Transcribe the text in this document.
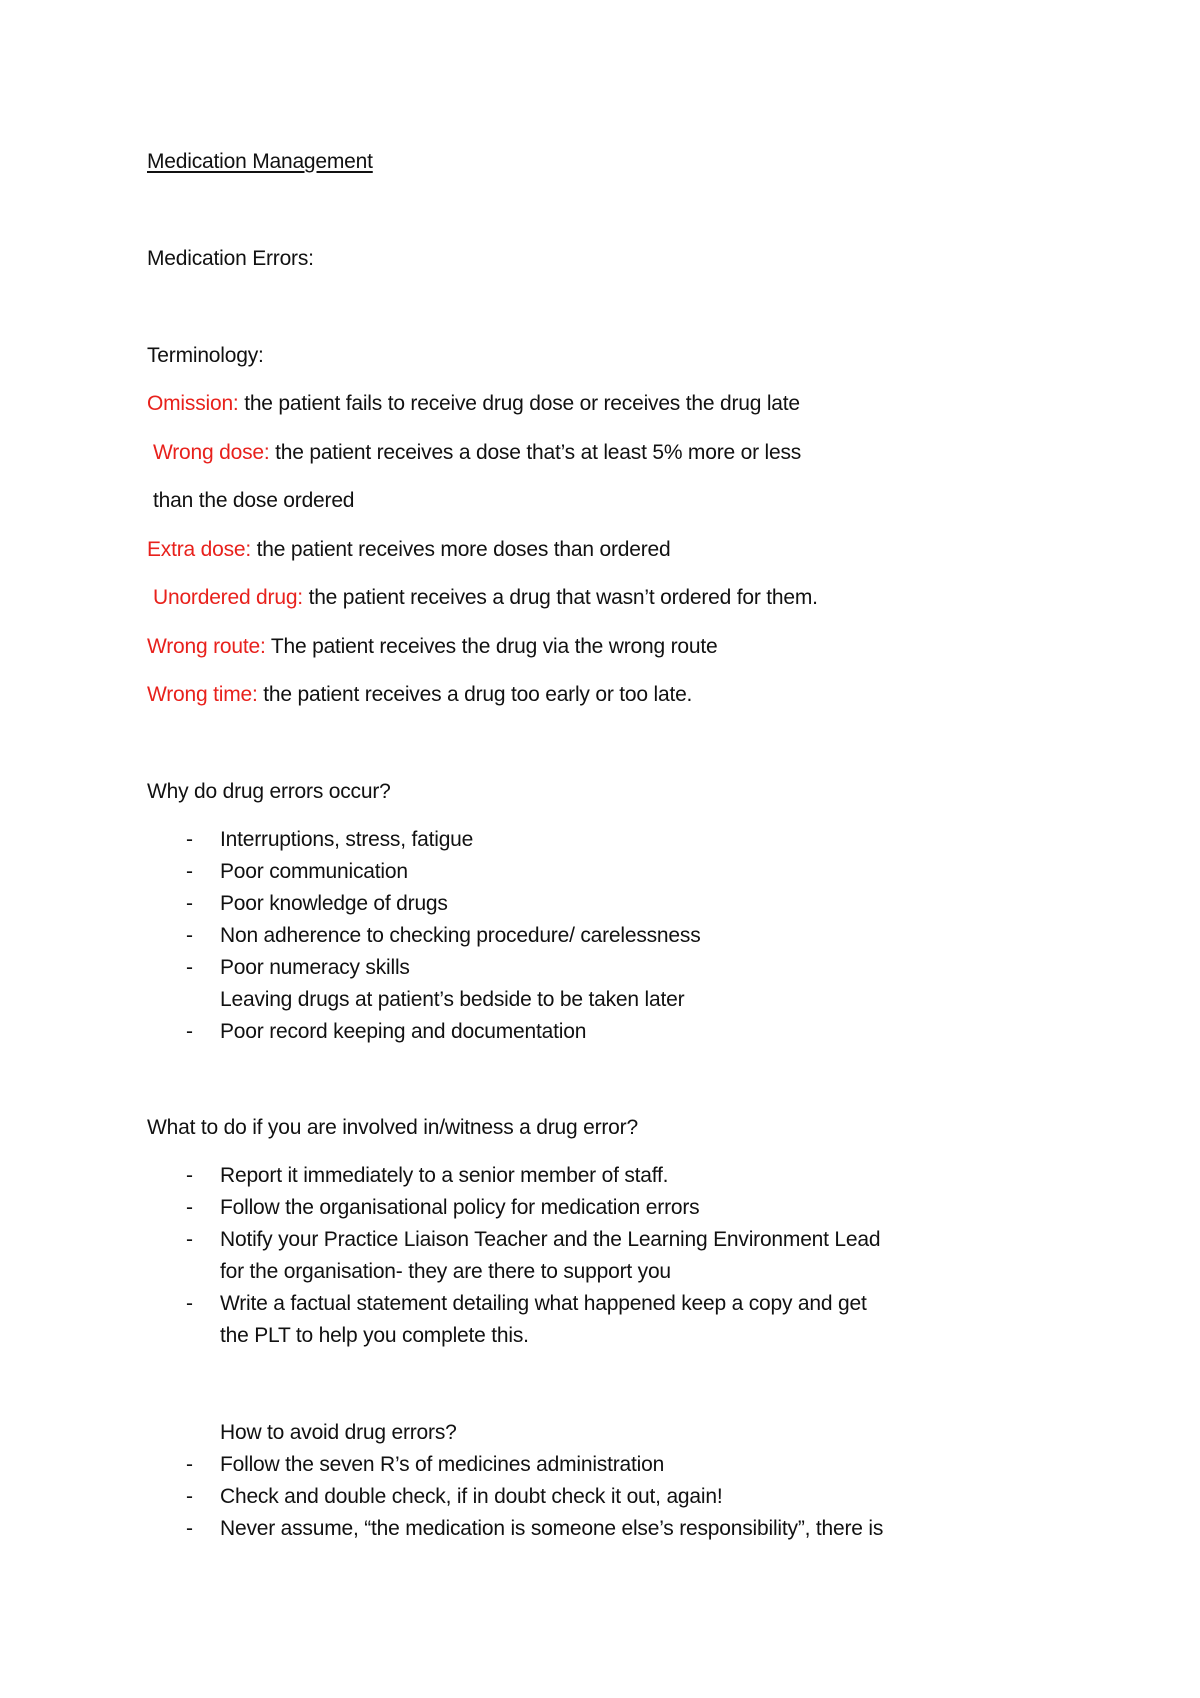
Medication Management
Medication Errors:
Terminology:
Omission: the patient fails to receive drug dose or receives the drug late
Wrong dose: the patient receives a dose that’s at least 5% more or less
than the dose ordered
Extra dose: the patient receives more doses than ordered
Unordered drug: the patient receives a drug that wasn’t ordered for them.
Wrong route: The patient receives the drug via the wrong route
Wrong time: the patient receives a drug too early or too late.
Why do drug errors occur?
- Interruptions, stress, fatigue
- Poor communication
- Poor knowledge of drugs
- Non adherence to checking procedure/ carelessness
- Poor numeracy skills
Leaving drugs at patient’s bedside to be taken later
- Poor record keeping and documentation
What to do if you are involved in/witness a drug error?
- Report it immediately to a senior member of staff.
- Follow the organisational policy for medication errors
- Notify your Practice Liaison Teacher and the Learning Environment Lead
for the organisation- they are there to support you
- Write a factual statement detailing what happened keep a copy and get
the PLT to help you complete this.
How to avoid drug errors?
- Follow the seven R’s of medicines administration
- Check and double check, if in doubt check it out, again!
- Never assume, “the medication is someone else’s responsibility”, there is
